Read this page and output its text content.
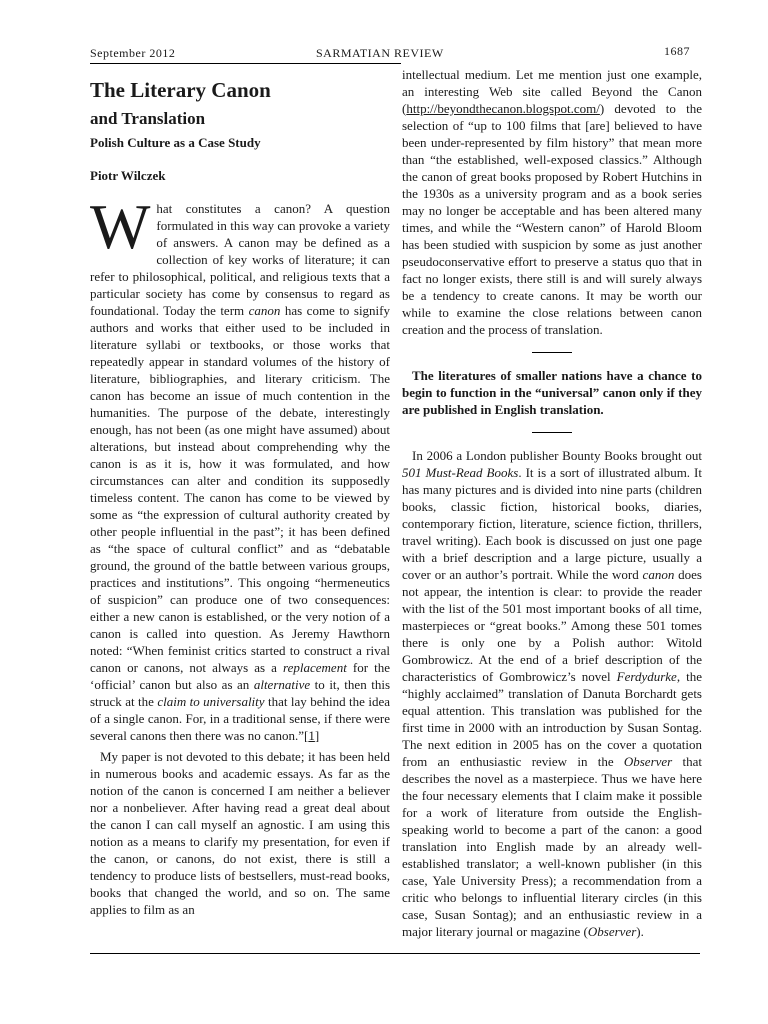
September 2012	SARMATIAN REVIEW	1687
The Literary Canon
and Translation
Polish Culture as a Case Study
Piotr Wilczek

What constitutes a canon? A question formulated in this way can provoke a variety of answers. A canon may be defined as a collection of key works of literature; it can refer to philosophical, political, and religious texts that a particular society has come by consensus to regard as foundational. Today the term canon has come to signify authors and works that either used to be included in literature syllabi or textbooks, or those works that repeatedly appear in standard volumes of the history of literature, bibliographies, and literary criticism. The canon has become an issue of much contention in the humanities. The purpose of the debate, interestingly enough, has not been (as one might have assumed) about alterations, but instead about comprehending why the canon is as it is, how it was formulated, and how circumstances can alter and condition its supposedly timeless content. The canon has come to be viewed by some as “the expression of cultural authority created by other people influential in the past”; it has been defined as “the space of cultural conflict” and as “debatable ground, the ground of the battle between various groups, practices and institutions”. This ongoing “hermeneutics of suspicion” can produce one of two consequences: either a new canon is established, or the very notion of a canon is called into question. As Jeremy Hawthorn noted: “When feminist critics started to construct a rival canon or canons, not always as a replacement for the ‘official’ canon but also as an alternative to it, then this struck at the claim to universality that lay behind the idea of a single canon. For, in a traditional sense, if there were several canons then there was no canon.”[1]

My paper is not devoted to this debate; it has been held in numerous books and academic essays. As far as the notion of the canon is concerned I am neither a believer nor a nonbeliever. After having read a great deal about the canon I can call myself an agnostic. I am using this notion as a means to clarify my presentation, for even if the canon, or canons, do not exist, there is still a tendency to produce lists of bestsellers, must-read books, books that changed the world, and so on. The same applies to film as an

intellectual medium. Let me mention just one example, an interesting Web site called Beyond the Canon (http://beyondthecanon.blogspot.com/) devoted to the selection of “up to 100 films that [are] believed to have been under-represented by film history” that mean more than “the established, well-exposed classics.” Although the canon of great books proposed by Robert Hutchins in the 1930s as a university program and as a book series may no longer be acceptable and has been altered many times, and while the “Western canon” of Harold Bloom has been studied with suspicion by some as just another pseudoconservative effort to preserve a status quo that in fact no longer exists, there still is and will surely always be a tendency to create canons. It may be worth our while to examine the close relations between canon creation and the process of translation.

The literatures of smaller nations have a chance to begin to function in the “universal” canon only if they are published in English translation.

In 2006 a London publisher Bounty Books brought out 501 Must-Read Books. It is a sort of illustrated album. It has many pictures and is divided into nine parts (children books, classic fiction, historical books, diaries, contemporary fiction, literature, science fiction, thrillers, travel writing). Each book is discussed on just one page with a brief description and a large picture, usually a cover or an author’s portrait. While the word canon does not appear, the intention is clear: to provide the reader with the list of the 501 most important books of all time, masterpieces or “great books.” Among these 501 tomes there is only one by a Polish author: Witold Gombrowicz. At the end of a brief description of the characteristics of Gombrowicz’s novel Ferdydurke, the “highly acclaimed” translation of Danuta Borchardt gets equal attention. This translation was published for the first time in 2000 with an introduction by Susan Sontag. The next edition in 2005 has on the cover a quotation from an enthusiastic review in the Observer that describes the novel as a masterpiece. Thus we have here the four necessary elements that I claim make it possible for a work of literature from outside the English-speaking world to become a part of the canon: a good translation into English made by an already well-established translator; a well-known publisher (in this case, Yale University Press); a recommendation from a critic who belongs to influential literary circles (in this case, Susan Sontag); and an enthusiastic review in a major literary journal or magazine (Observer).
